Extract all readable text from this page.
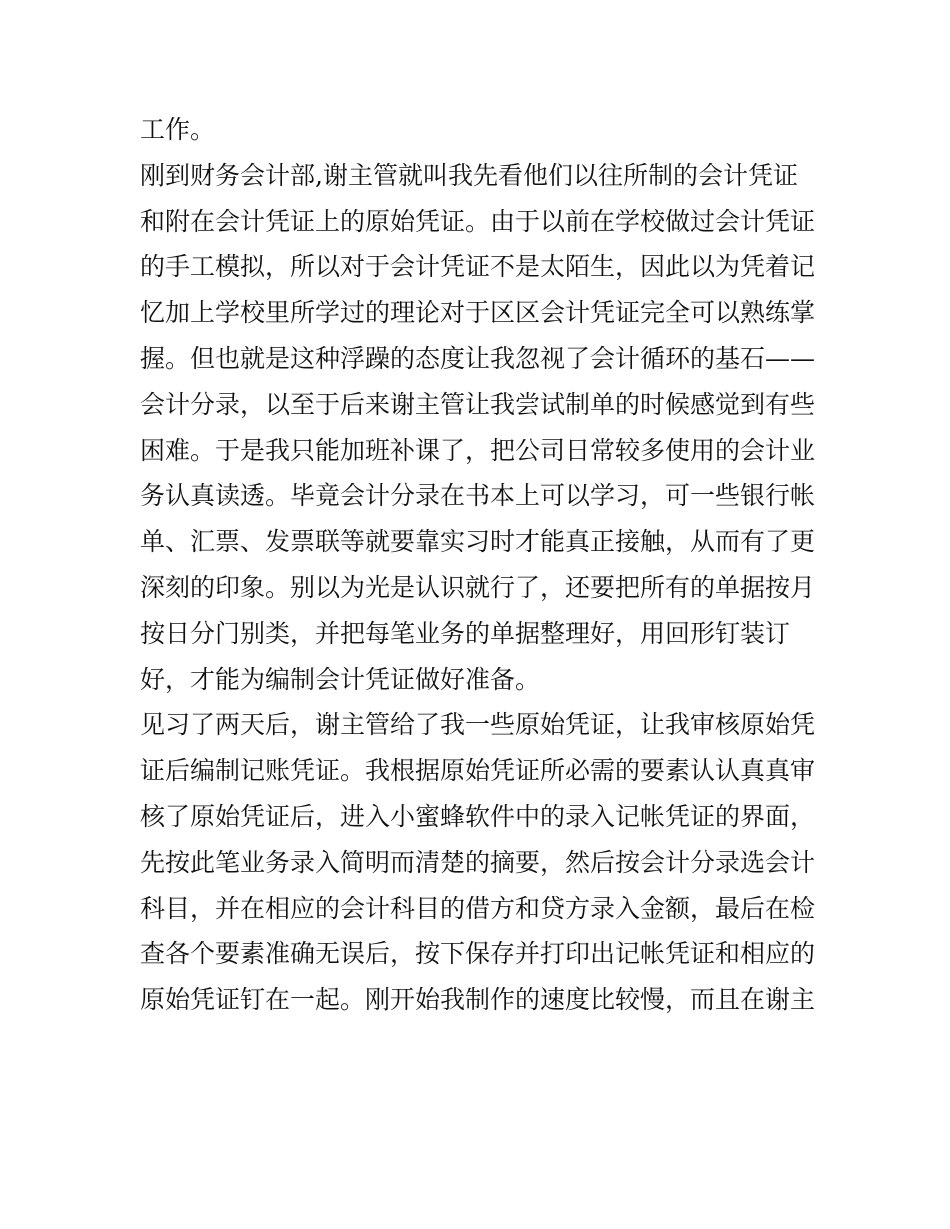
工作。
刚到财务会计部,谢主管就叫我先看他们以往所制的会计凭证
和附在会计凭证上的原始凭证。由于以前在学校做过会计凭证
的手工模拟，所以对于会计凭证不是太陌生，因此以为凭着记
忆加上学校里所学过的理论对于区区会计凭证完全可以熟练掌
握。但也就是这种浮躁的态度让我忽视了会计循环的基石——
会计分录，以至于后来谢主管让我尝试制单的时候感觉到有些
困难。于是我只能加班补课了，把公司日常较多使用的会计业
务认真读透。毕竟会计分录在书本上可以学习，可一些银行帐
单、汇票、发票联等就要靠实习时才能真正接触，从而有了更
深刻的印象。别以为光是认识就行了，还要把所有的单据按月
按日分门别类，并把每笔业务的单据整理好，用回形钉装订
好，才能为编制会计凭证做好准备。
见习了两天后，谢主管给了我一些原始凭证，让我审核原始凭
证后编制记账凭证。我根据原始凭证所必需的要素认认真真审
核了原始凭证后，进入小蜜蜂软件中的录入记帐凭证的界面，
先按此笔业务录入简明而清楚的摘要，然后按会计分录选会计
科目，并在相应的会计科目的借方和贷方录入金额，最后在检
查各个要素准确无误后，按下保存并打印出记帐凭证和相应的
原始凭证钉在一起。刚开始我制作的速度比较慢，而且在谢主
